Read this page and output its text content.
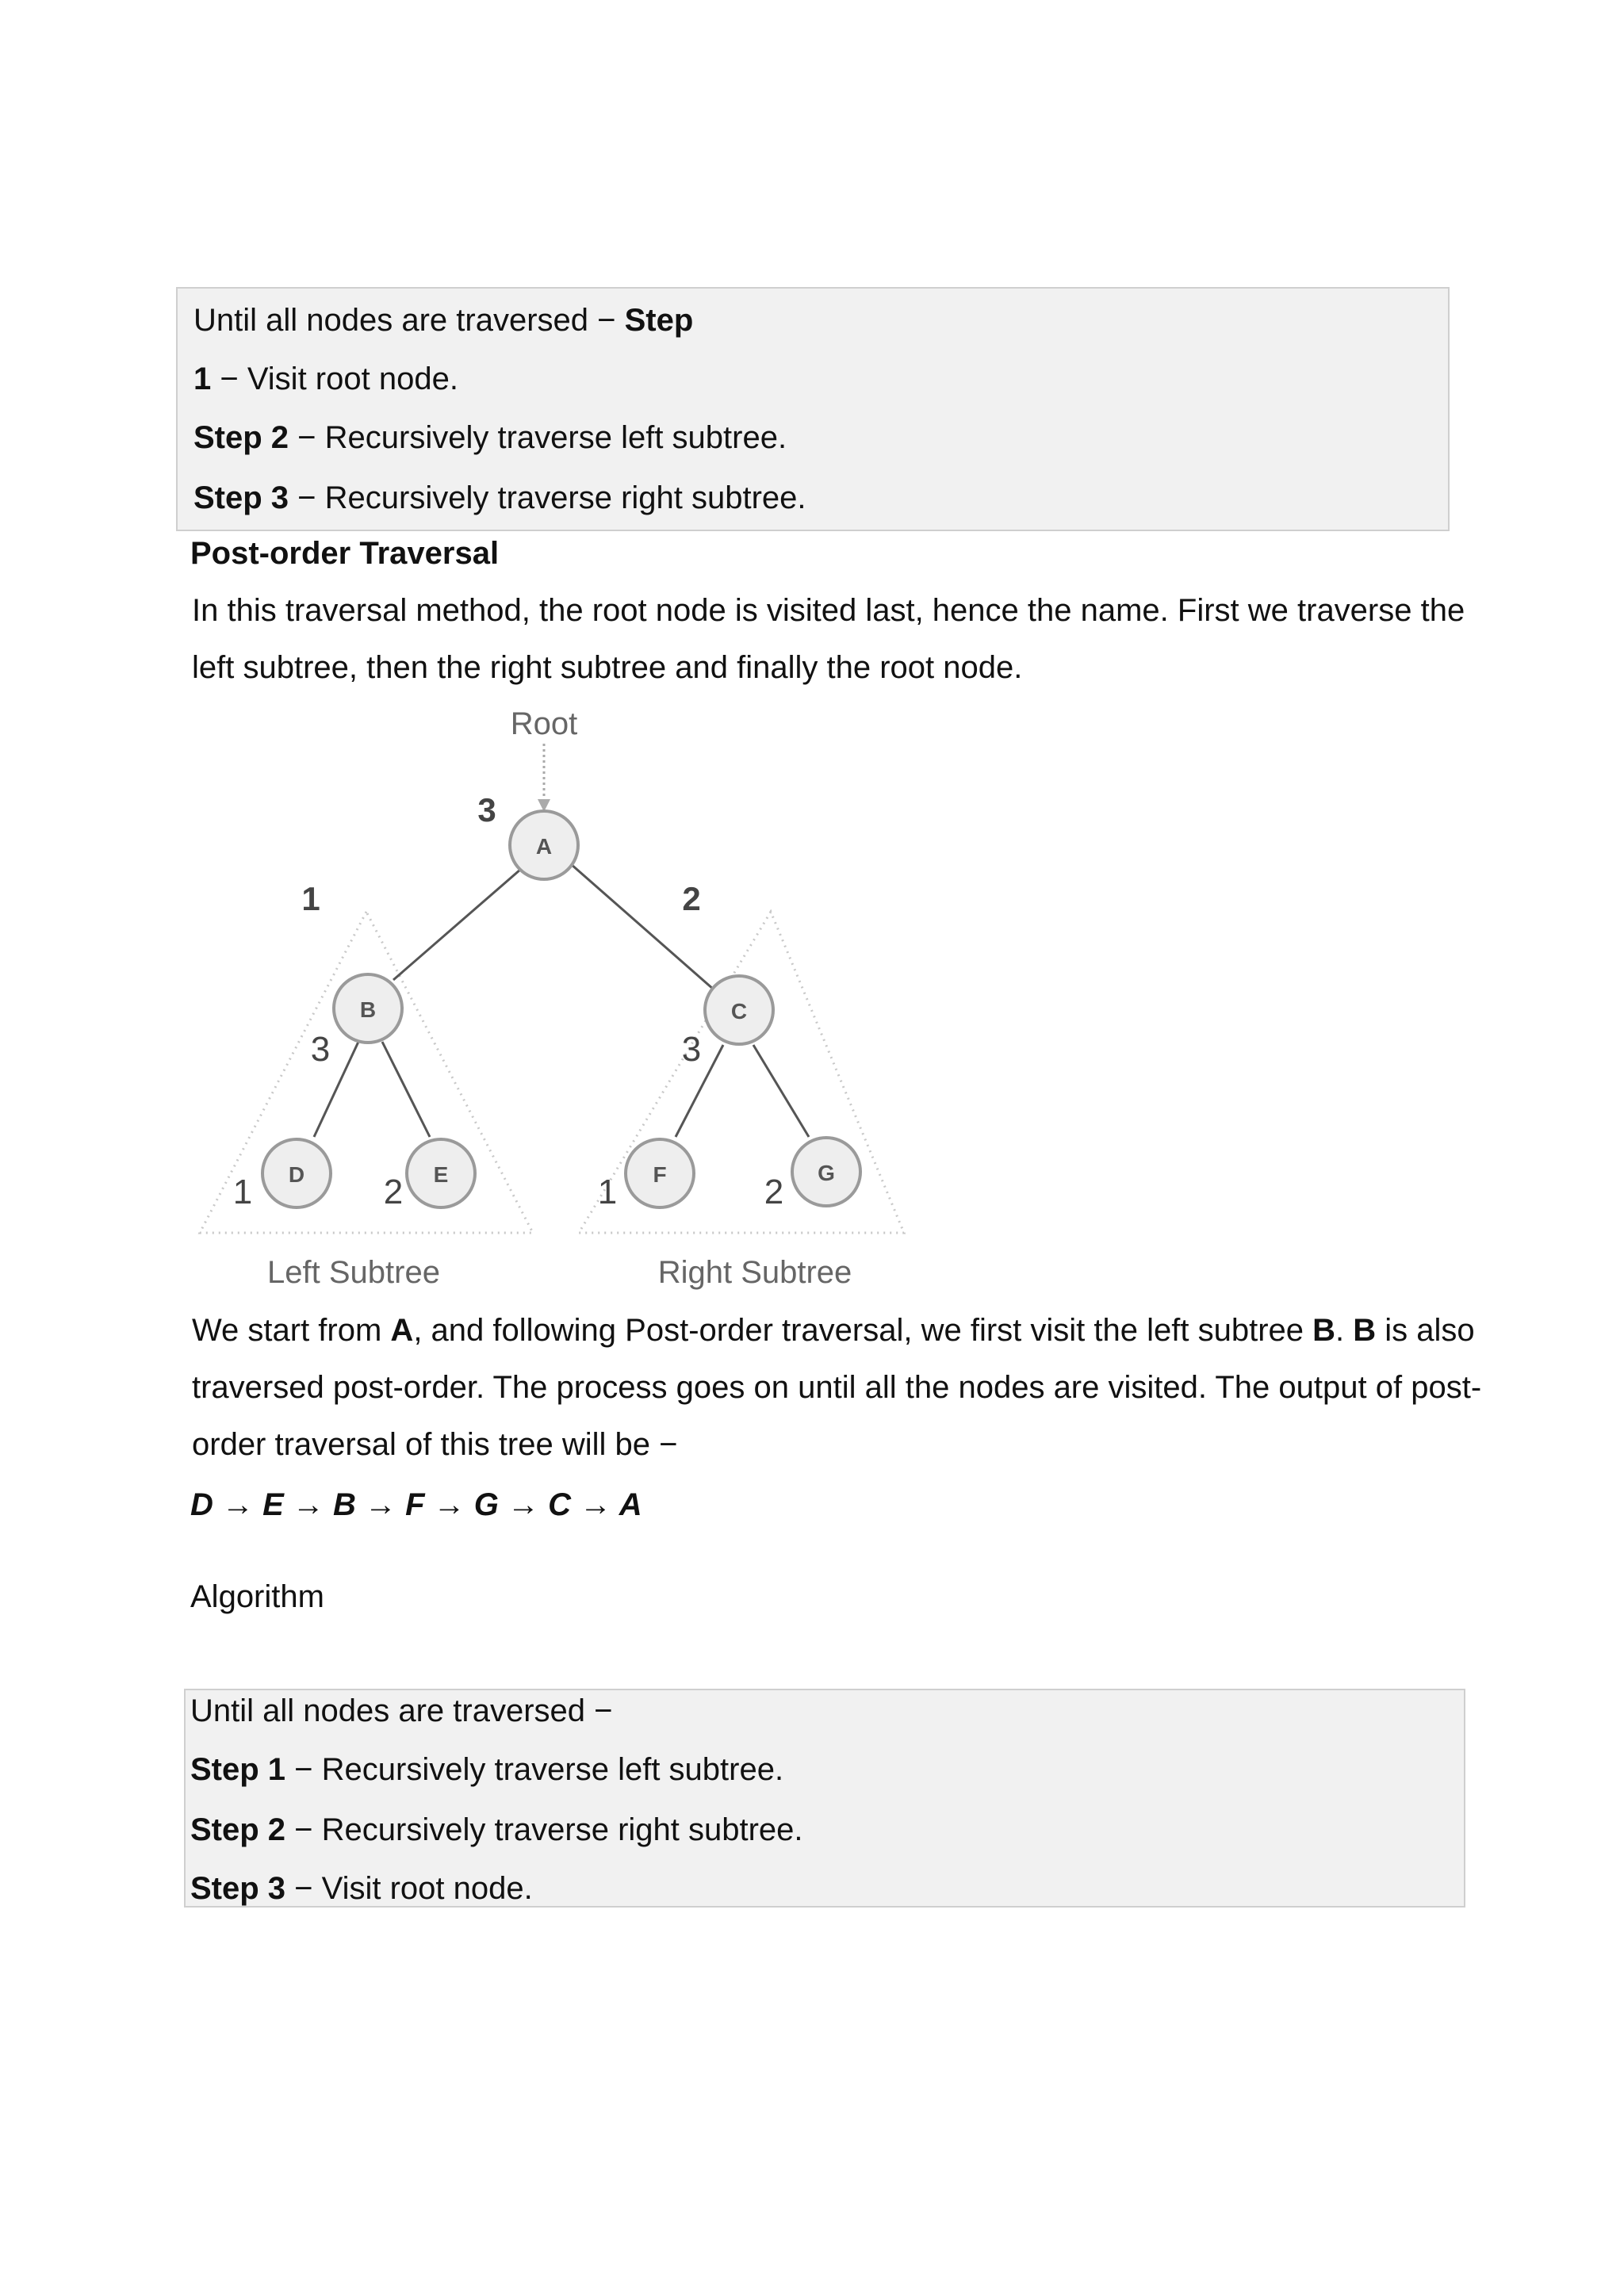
Until all nodes are traversed − Step
1 − Visit root node.
Step 2 − Recursively traverse left subtree.
Step 3 − Recursively traverse right subtree.
Post-order Traversal
In this traversal method, the root node is visited last, hence the name. First we traverse the left subtree, then the right subtree and finally the root node.
A
B	C
D	E	F	G
Root
3
1	2
3	3
1	2	1	2
Left Subtree	Right Subtree
We start from A, and following Post-order traversal, we first visit the left subtree B. B is also traversed post-order. The process goes on until all the nodes are visited. The output of post-order traversal of this tree will be −
D → E → B → F → G → C → A
Algorithm
Until all nodes are traversed −
Step 1 − Recursively traverse left subtree.
Step 2 − Recursively traverse right subtree.
Step 3 − Visit root node.
